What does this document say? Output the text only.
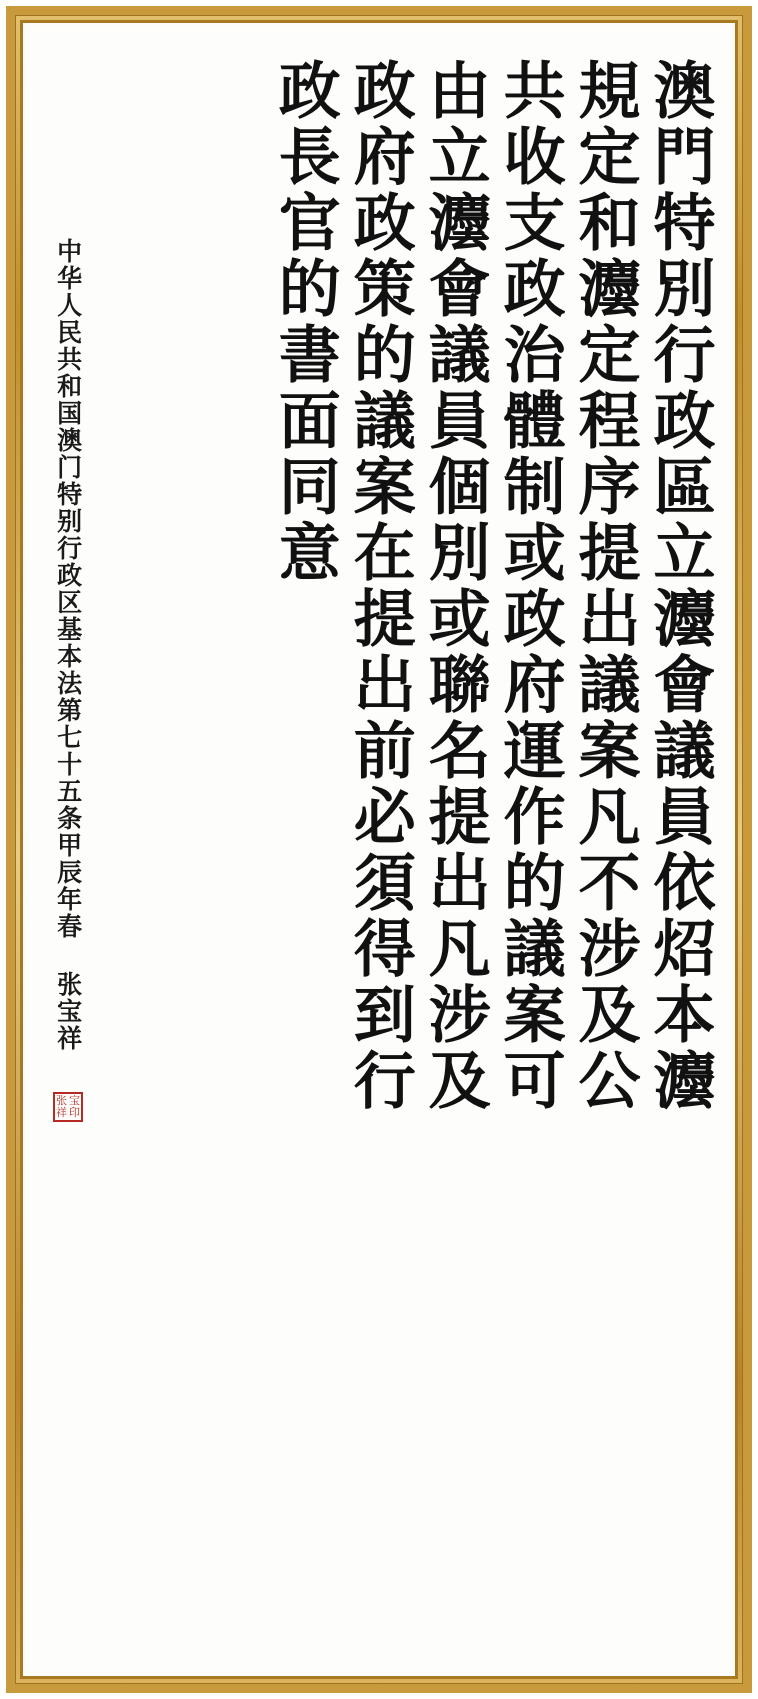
澳門特別行政區立灋會議員依炤本灋
規定和灋定程序提出議案凡不涉及公
共收支政治體制或政府運作的議案可
由立灋會議員個別或聯名提出凡涉及
政府政策的議案在提出前必須得到行
政長官的書面同意
中华人民共和国澳门特别行政区基本法第七十五条甲辰年春 张宝祥
张 宝
祥 印
